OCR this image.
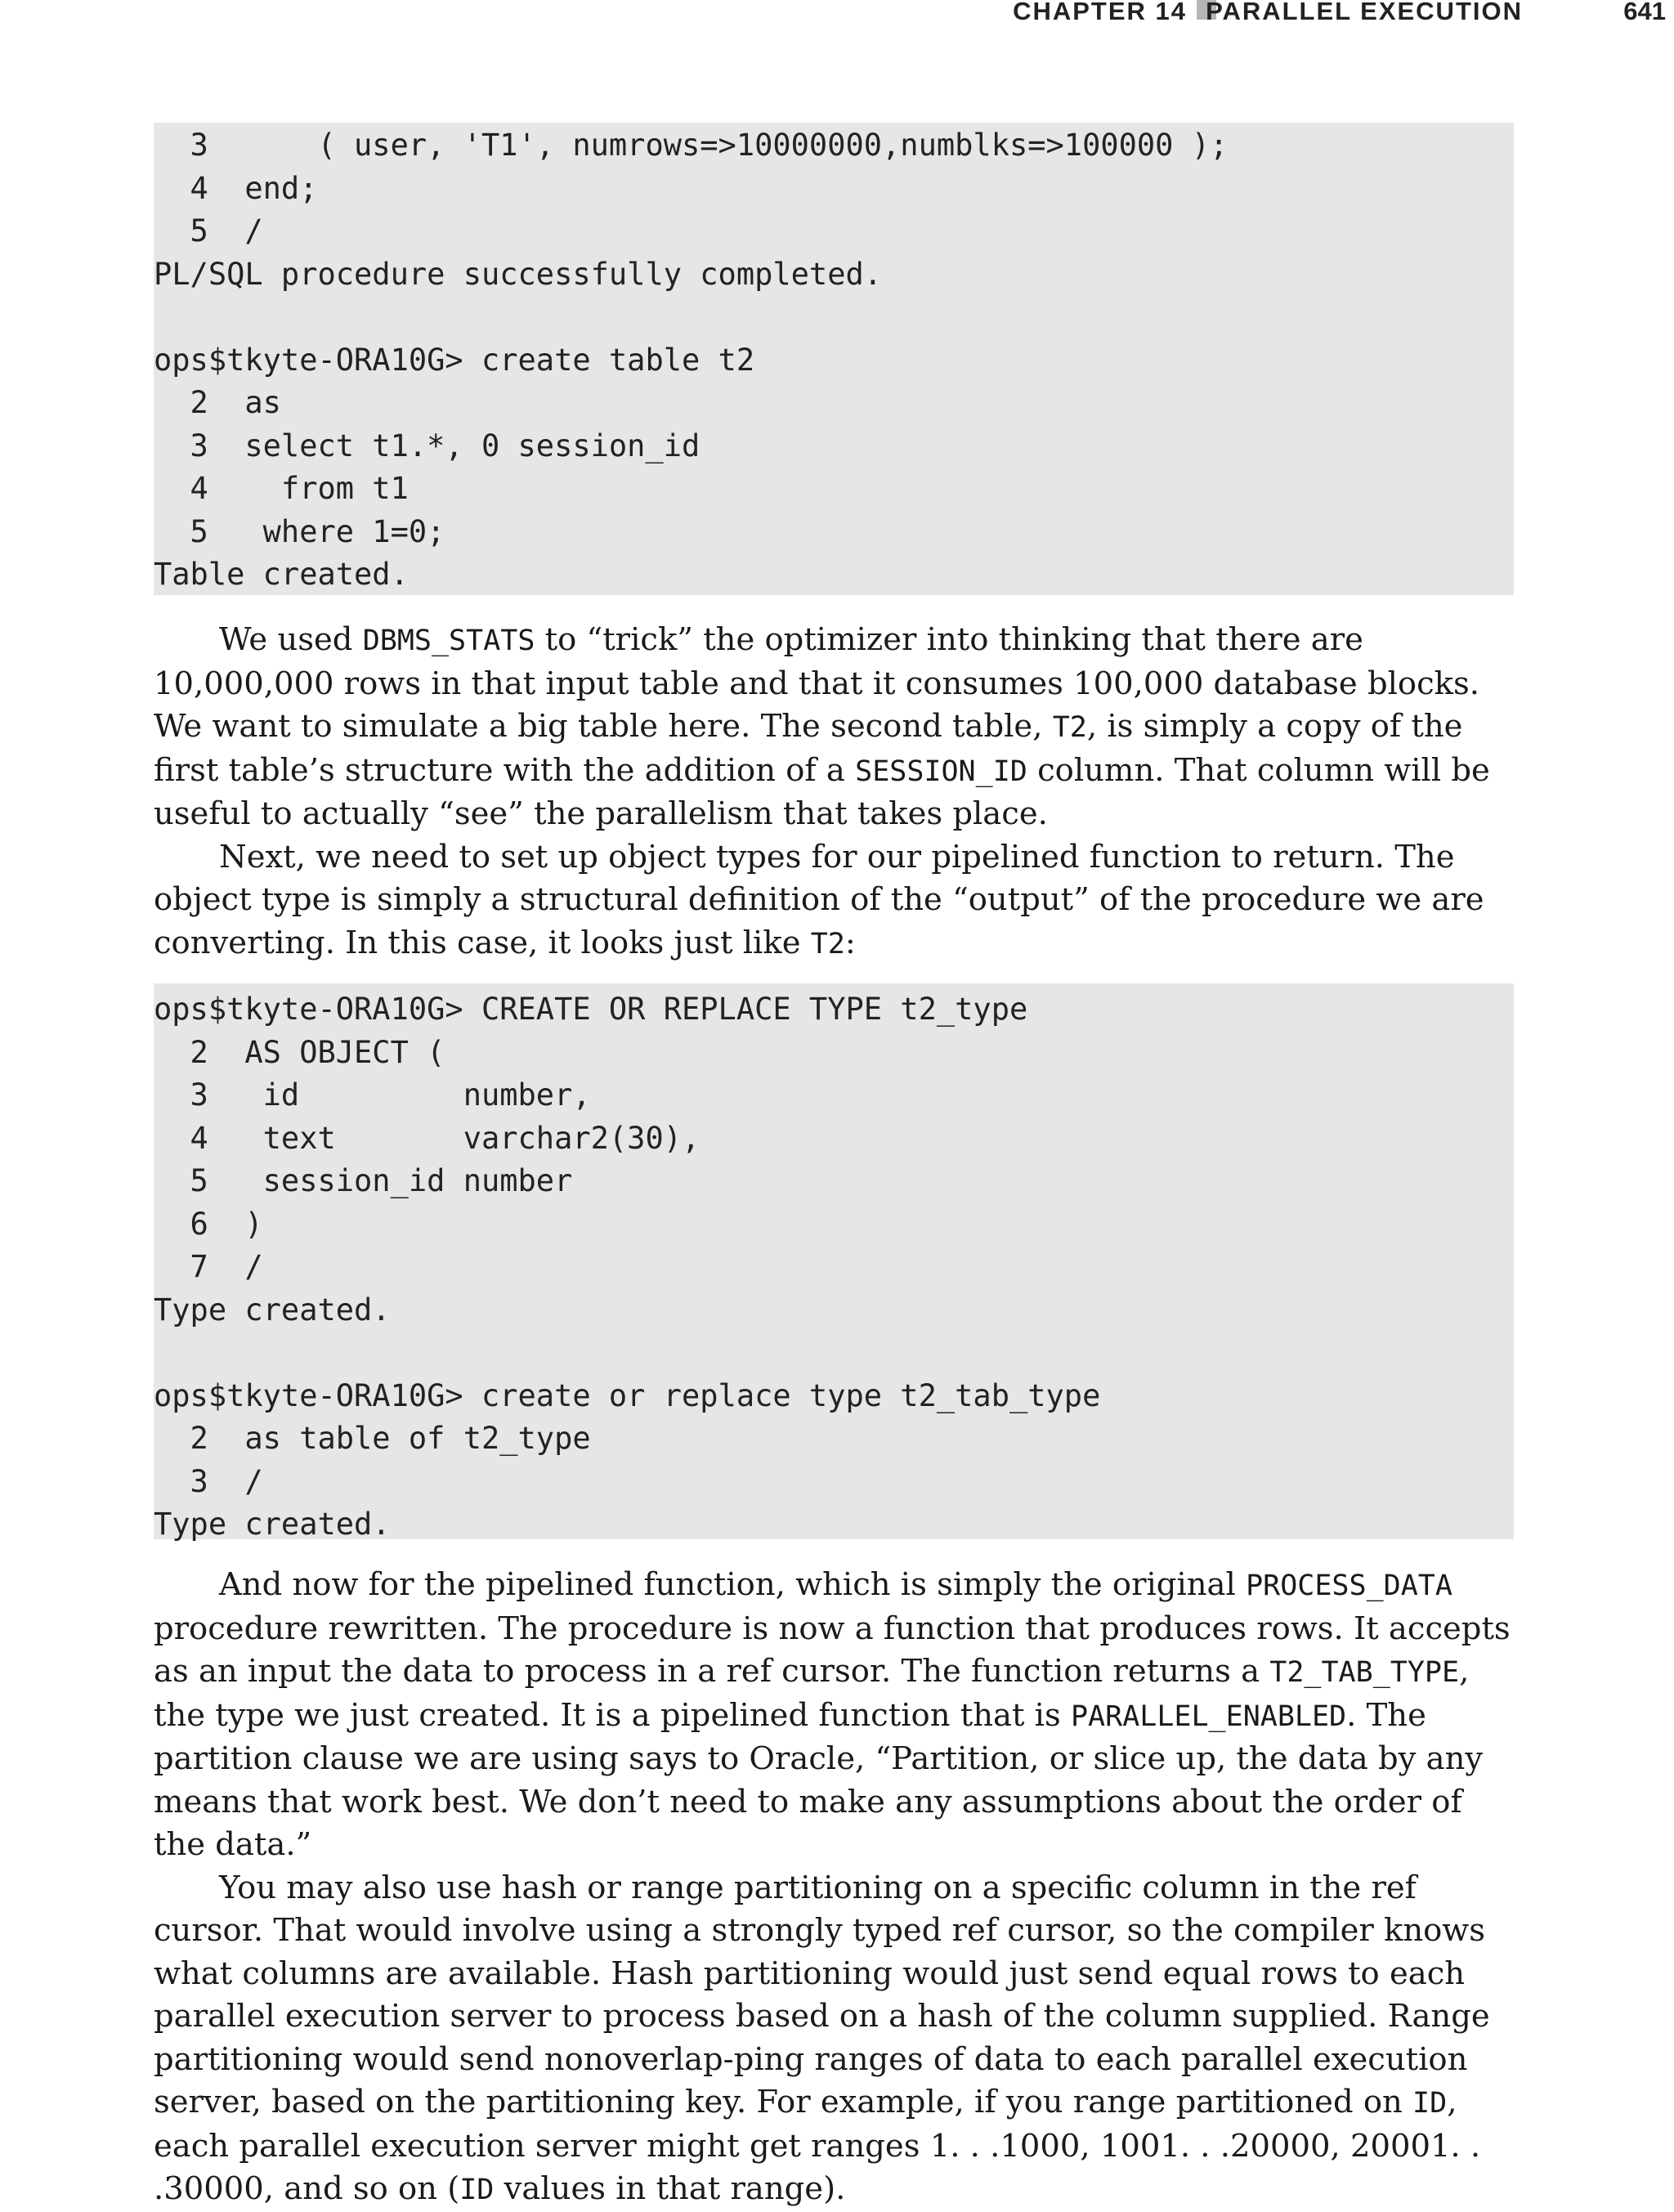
CHAPTER 14 PARALLEL EXECUTION	641
3      ( user, 'T1', numrows=>10000000,numblks=>100000 );
4  end;
5  /
PL/SQL procedure successfully completed.
ops$tkyte-ORA10G> create table t2
2  as
3  select t1.*, 0 session_id
4    from t1
5   where 1=0;
Table created.

We used DBMS_STATS to “trick” the optimizer into thinking that there are 10,000,000 rows in that input table and that it consumes 100,000 database blocks. We want to simulate a big table here. The second table, T2, is simply a copy of the first table’s structure with the addition of a SESSION_ID column. That column will be useful to actually “see” the parallelism that takes place.

Next, we need to set up object types for our pipelined function to return. The object type is simply a structural definition of the “output” of the procedure we are converting. In this case, it looks just like T2:

ops$tkyte-ORA10G> CREATE OR REPLACE TYPE t2_type
2  AS OBJECT (
3   id         number,
4   text       varchar2(30),
5   session_id number
6  )
7  /
Type created.
ops$tkyte-ORA10G> create or replace type t2_tab_type
2  as table of t2_type
3  /
Type created.

And now for the pipelined function, which is simply the original PROCESS_DATA procedure rewritten. The procedure is now a function that produces rows. It accepts as an input the data to process in a ref cursor. The function returns a T2_TAB_TYPE, the type we just created. It is a pipelined function that is PARALLEL_ENABLED. The partition clause we are using says to Oracle, “Partition, or slice up, the data by any means that work best. We don’t need to make any assumptions about the order of the data.”

You may also use hash or range partitioning on a specific column in the ref cursor. That would involve using a strongly typed ref cursor, so the compiler knows what columns are available. Hash partitioning would just send equal rows to each parallel execution server to process based on a hash of the column supplied. Range partitioning would send nonoverlap-ping ranges of data to each parallel execution server, based on the partitioning key. For example, if you range partitioned on ID, each parallel execution server might get ranges 1. . .1000, 1001. . .20000, 20001. . .30000, and so on (ID values in that range).
